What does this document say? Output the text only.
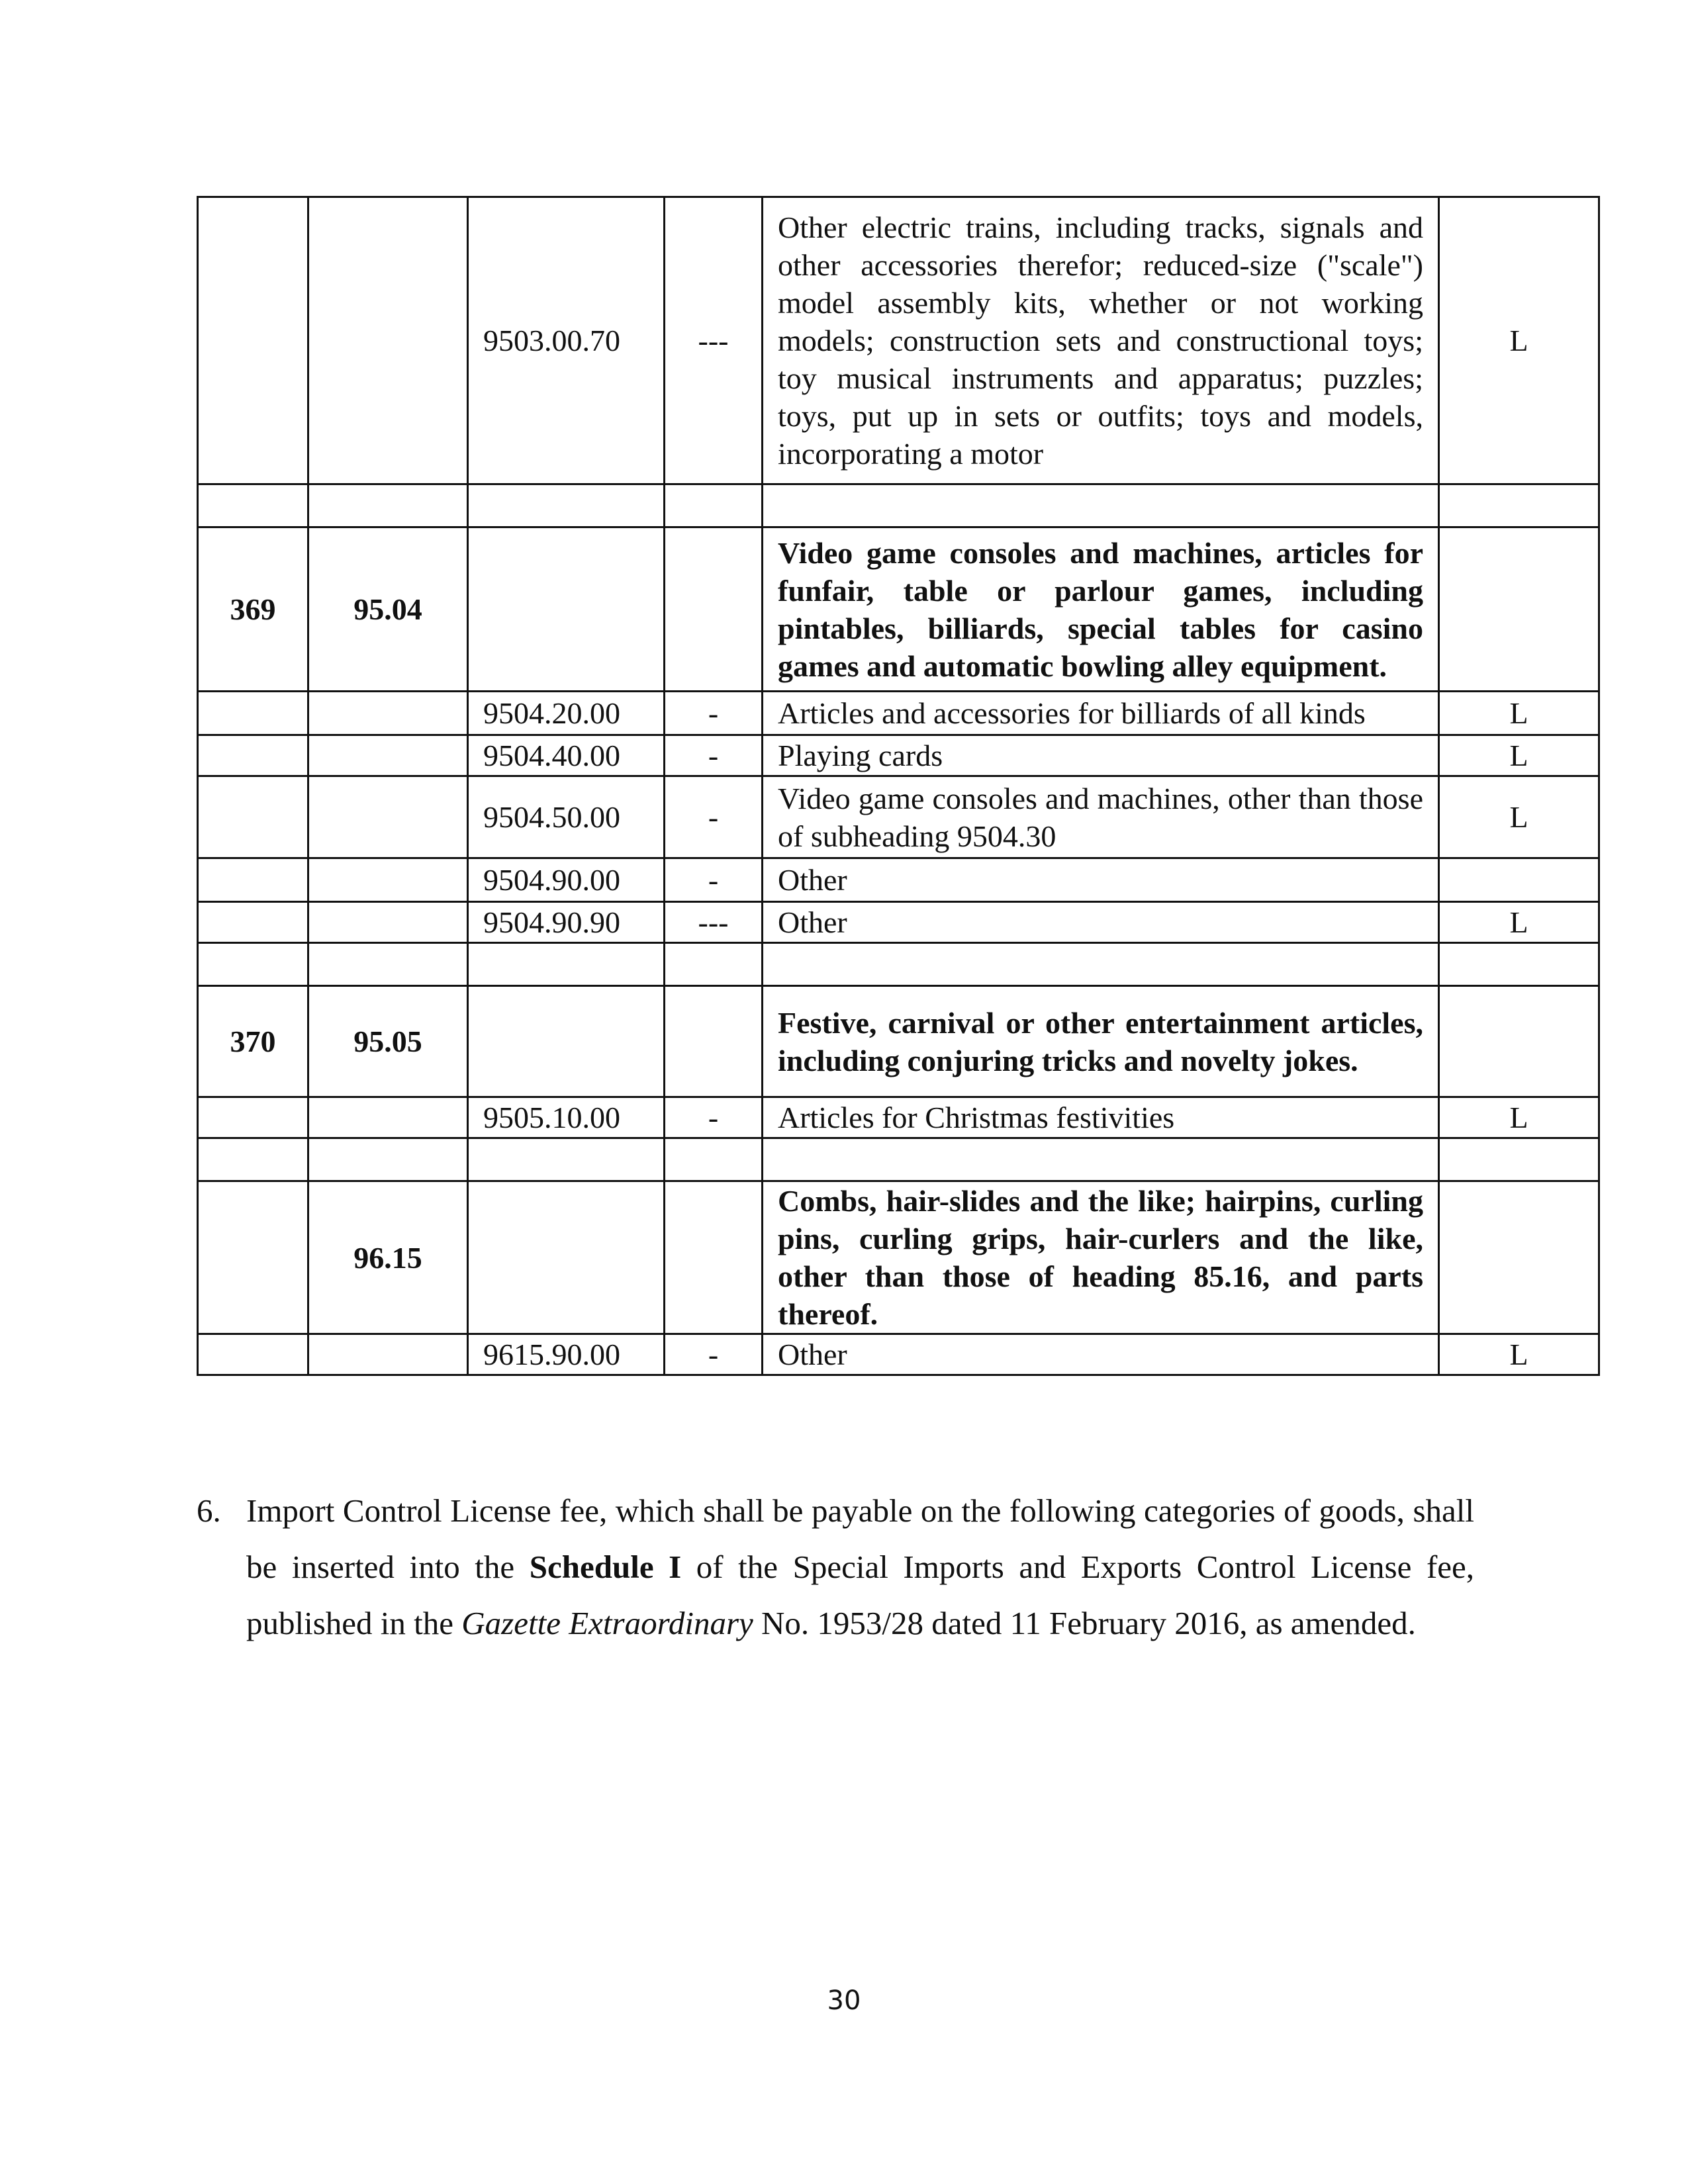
		9503.00.70	---	Other electric trains, including tracks, signals and other accessories therefor; reduced-size ("scale") model assembly kits, whether or not working models; construction sets and constructional toys; toy musical instruments and apparatus; puzzles; toys, put up in sets or outfits; toys and models, incorporating a motor	L

369	95.04			Video game consoles and machines, articles for funfair, table or parlour games, including pintables, billiards, special tables for casino games and automatic bowling alley equipment.	
		9504.20.00	-	Articles and accessories for billiards of all kinds	L
		9504.40.00	-	Playing cards	L
		9504.50.00	-	Video game consoles and machines, other than those of subheading 9504.30	L
		9504.90.00	-	Other	
		9504.90.90	---	Other	L

370	95.05			Festive, carnival or other entertainment articles, including conjuring tricks and novelty jokes.	
		9505.10.00	-	Articles for Christmas festivities	L

	96.15			Combs, hair-slides and the like; hairpins, curling pins, curling grips, hair-curlers and the like, other than those of heading 85.16, and parts thereof.	
		9615.90.00	-	Other	L
6. Import Control License fee, which shall be payable on the following categories of goods, shall be inserted into the Schedule I of the Special Imports and Exports Control License fee, published in the Gazette Extraordinary No. 1953/28 dated 11 February 2016, as amended.
30
